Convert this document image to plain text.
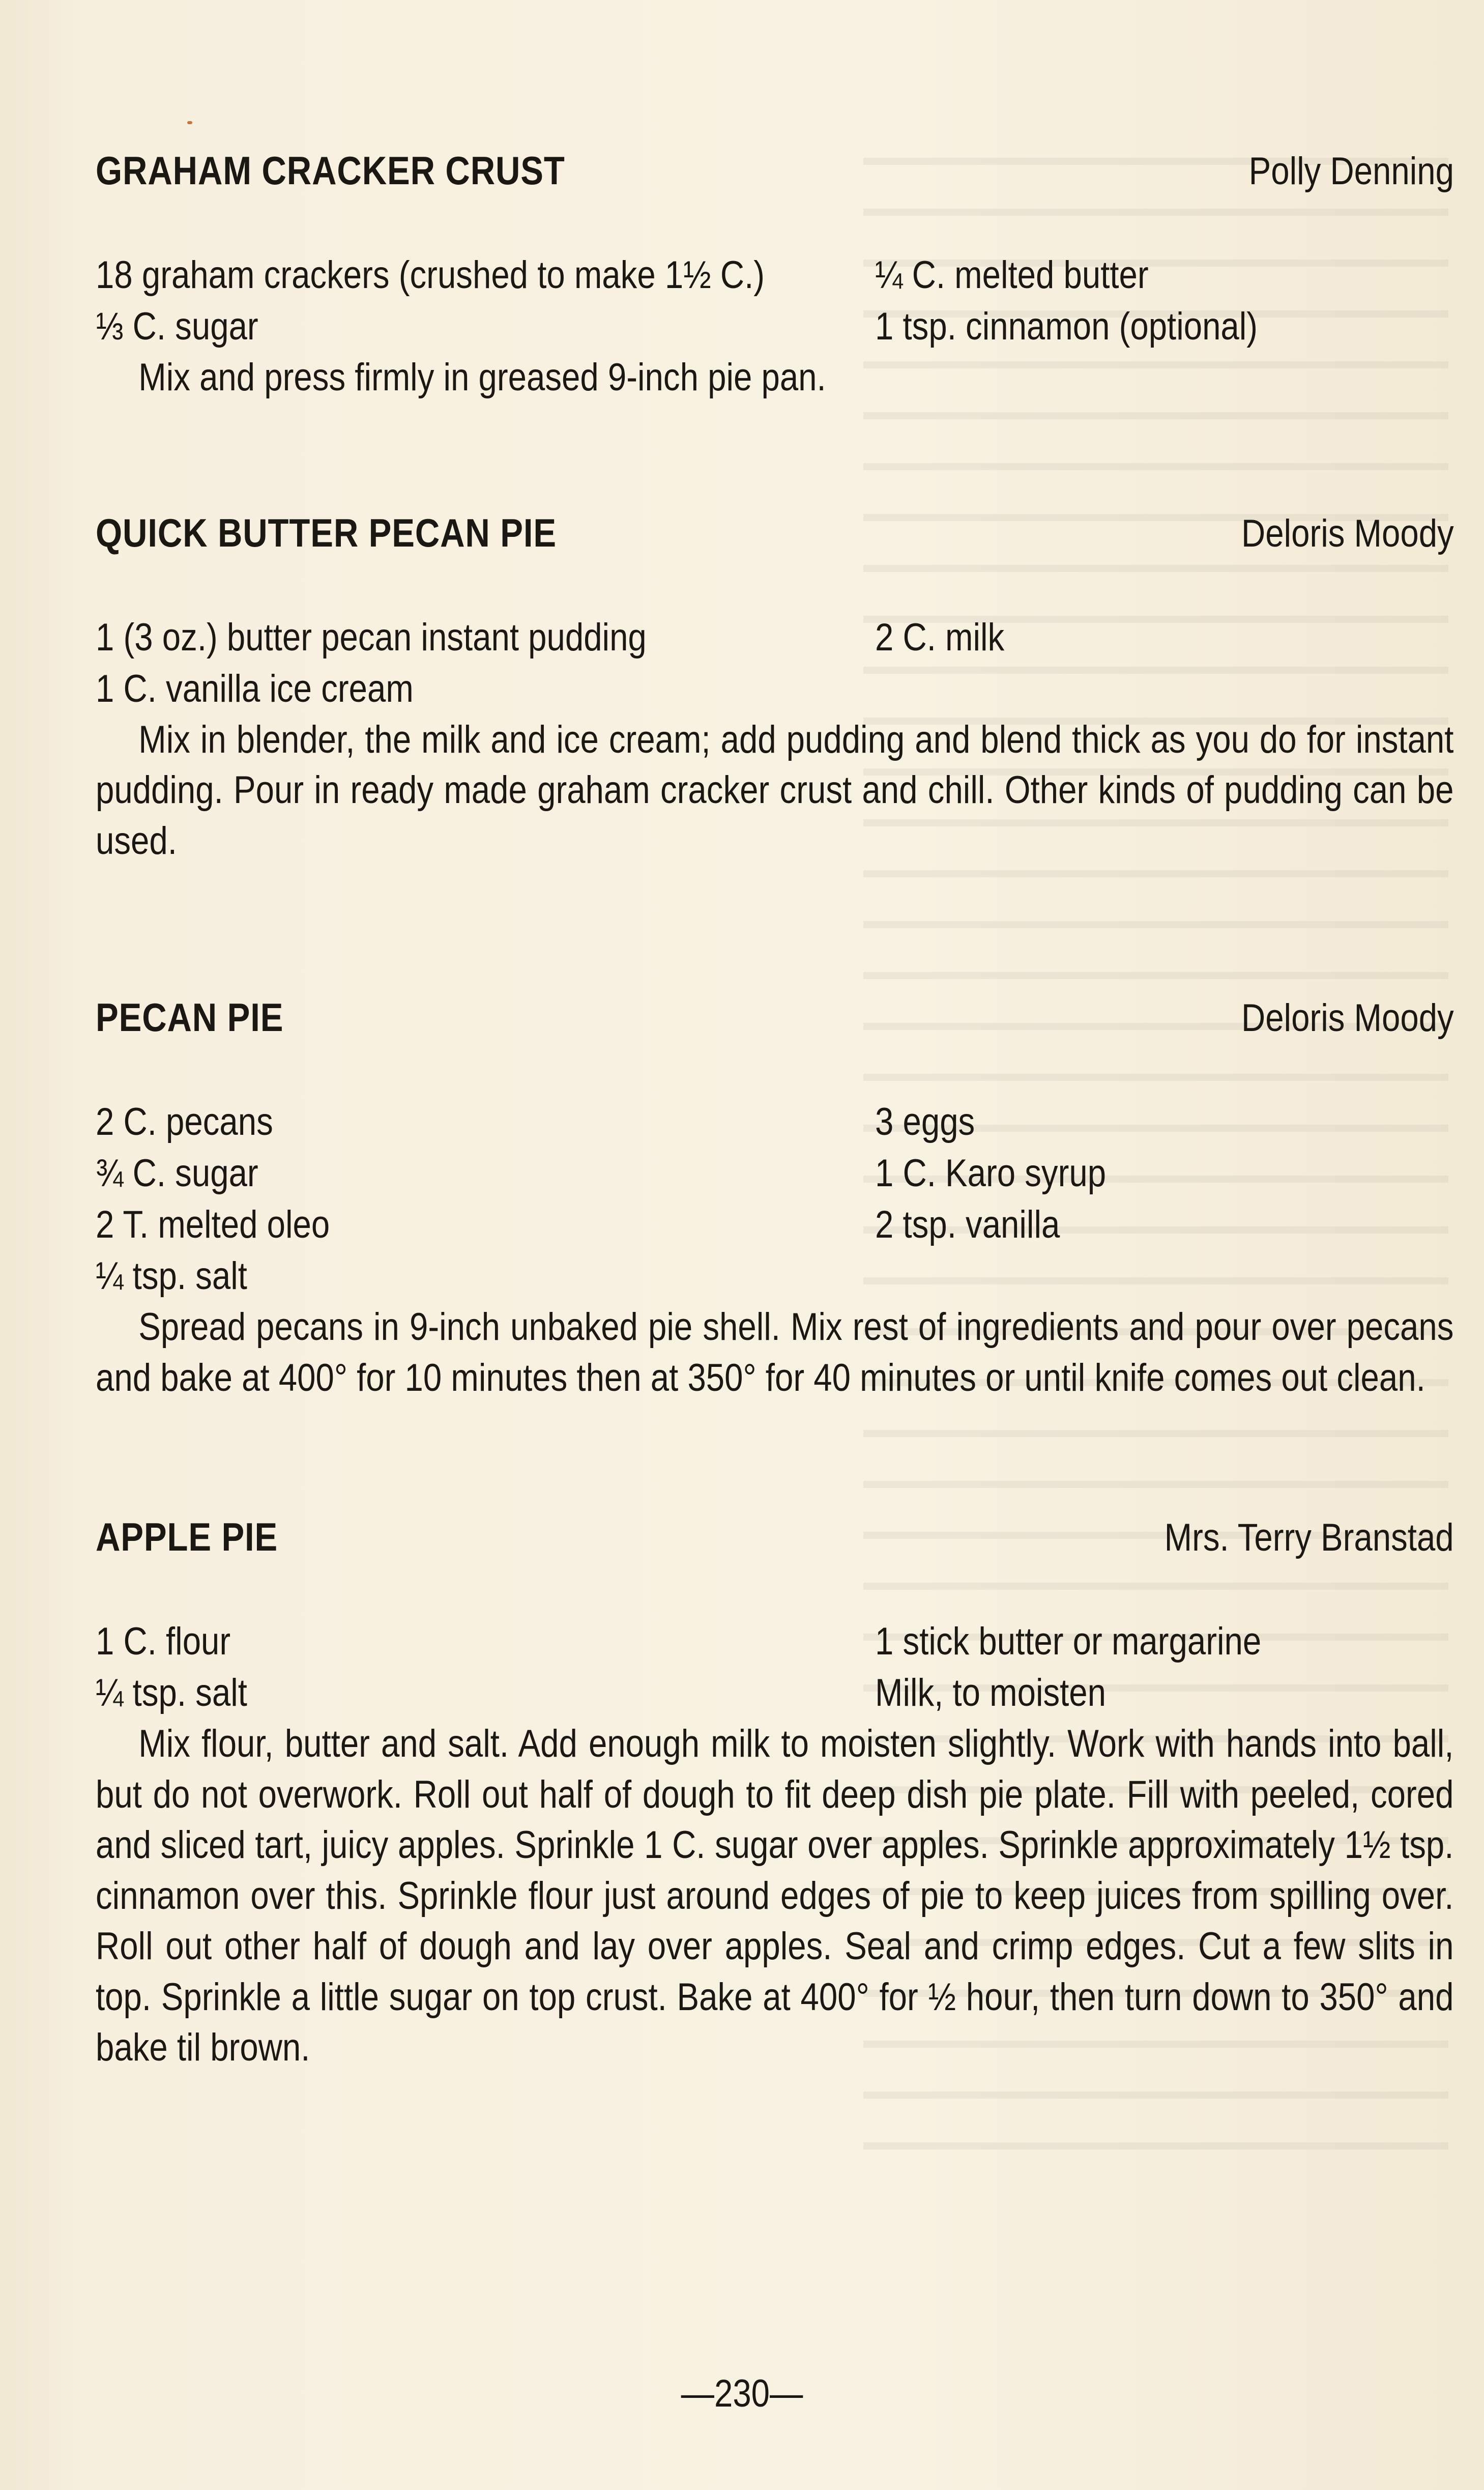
GRAHAM CRACKER CRUST	Polly Denning
18 graham crackers (crushed to make 1½ C.)	¼ C. melted butter
⅓ C. sugar	1 tsp. cinnamon (optional)

Mix and press firmly in greased 9-inch pie pan.

QUICK BUTTER PECAN PIE	Deloris Moody
1 (3 oz.) butter pecan instant pudding	2 C. milk
1 C. vanilla ice cream

Mix in blender, the milk and ice cream; add pudding and blend thick as you do for instant pudding. Pour in ready made graham cracker crust and chill. Other kinds of pudding can be used.

PECAN PIE	Deloris Moody
2 C. pecans	3 eggs
¾ C. sugar	1 C. Karo syrup
2 T. melted oleo	2 tsp. vanilla
¼ tsp. salt

Spread pecans in 9-inch unbaked pie shell. Mix rest of ingredients and pour over pecans and bake at 400° for 10 minutes then at 350° for 40 minutes or until knife comes out clean.

APPLE PIE	Mrs. Terry Branstad
1 C. flour	1 stick butter or margarine
¼ tsp. salt	Milk, to moisten

Mix flour, butter and salt. Add enough milk to moisten slightly. Work with hands into ball, but do not overwork. Roll out half of dough to fit deep dish pie plate. Fill with peeled, cored and sliced tart, juicy apples. Sprinkle 1 C. sugar over apples. Sprinkle approximately 1½ tsp. cinnamon over this. Sprinkle flour just around edges of pie to keep juices from spilling over. Roll out other half of dough and lay over apples. Seal and crimp edges. Cut a few slits in top. Sprinkle a little sugar on top crust. Bake at 400° for ½ hour, then turn down to 350° and bake til brown.

—230—
